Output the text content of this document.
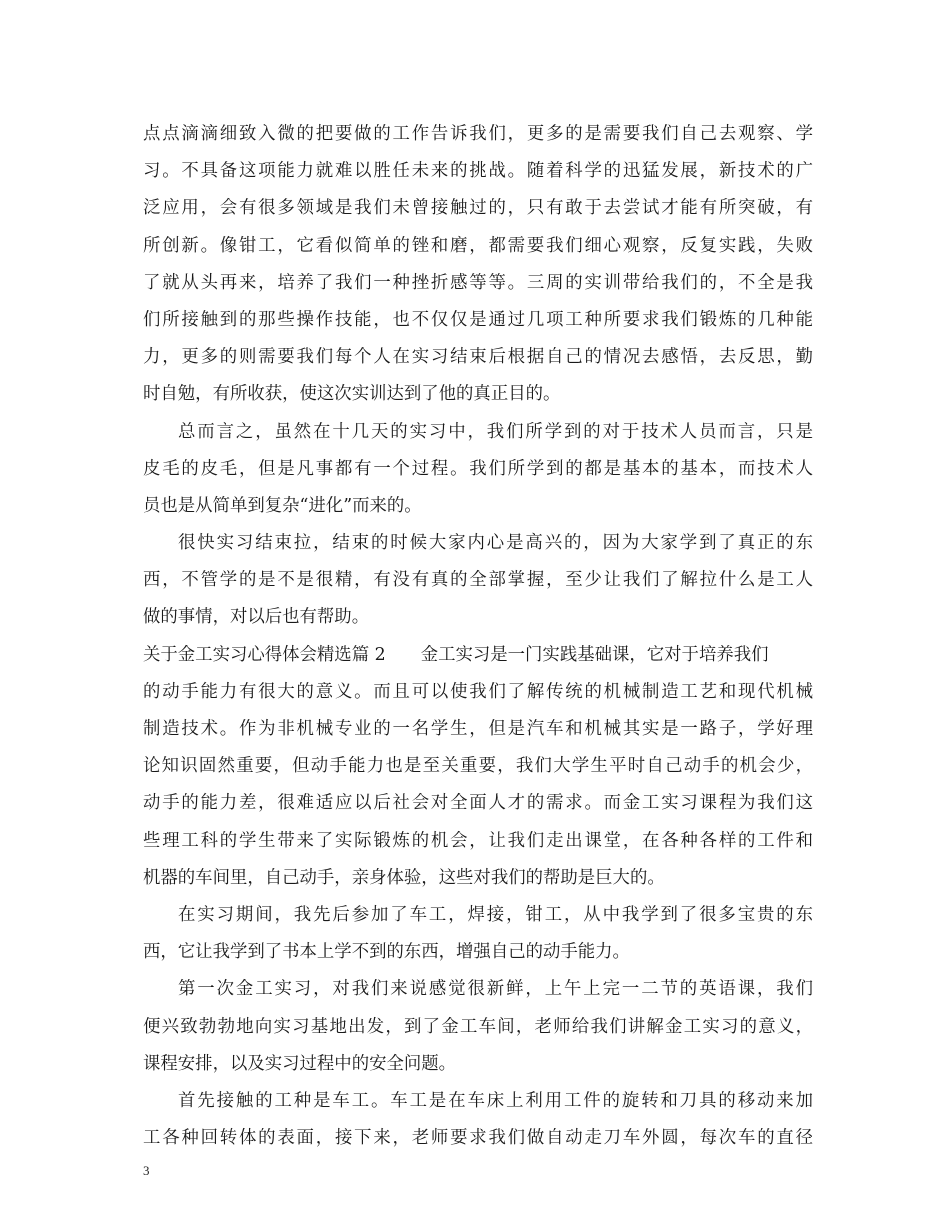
点点滴滴细致入微的把要做的工作告诉我们，更多的是需要我们自己去观察、学
习。不具备这项能力就难以胜任未来的挑战。随着科学的迅猛发展，新技术的广
泛应用，会有很多领域是我们未曾接触过的，只有敢于去尝试才能有所突破，有
所创新。像钳工，它看似简单的锉和磨，都需要我们细心观察，反复实践，失败
了就从头再来，培养了我们一种挫折感等等。三周的实训带给我们的，不全是我
们所接触到的那些操作技能，也不仅仅是通过几项工种所要求我们锻炼的几种能
力，更多的则需要我们每个人在实习结束后根据自己的情况去感悟，去反思，勤
时自勉，有所收获，使这次实训达到了他的真正目的。
总而言之，虽然在十几天的实习中，我们所学到的对于技术人员而言，只是
皮毛的皮毛，但是凡事都有一个过程。我们所学到的都是基本的基本，而技术人
员也是从简单到复杂“进化”而来的。
很快实习结束拉，结束的时候大家内心是高兴的，因为大家学到了真正的东
西，不管学的是不是很精，有没有真的全部掌握，至少让我们了解拉什么是工人
做的事情，对以后也有帮助。
关于金工实习心得体会精选篇 2 金工实习是一门实践基础课，它对于培养我们
的动手能力有很大的意义。而且可以使我们了解传统的机械制造工艺和现代机械
制造技术。作为非机械专业的一名学生，但是汽车和机械其实是一路子，学好理
论知识固然重要，但动手能力也是至关重要，我们大学生平时自己动手的机会少，
动手的能力差，很难适应以后社会对全面人才的需求。而金工实习课程为我们这
些理工科的学生带来了实际锻炼的机会，让我们走出课堂，在各种各样的工件和
机器的车间里，自己动手，亲身体验，这些对我们的帮助是巨大的。
在实习期间，我先后参加了车工，焊接，钳工，从中我学到了很多宝贵的东
西，它让我学到了书本上学不到的东西，增强自己的动手能力。
第一次金工实习，对我们来说感觉很新鲜，上午上完一二节的英语课，我们
便兴致勃勃地向实习基地出发，到了金工车间，老师给我们讲解金工实习的意义，
课程安排，以及实习过程中的安全问题。
首先接触的工种是车工。车工是在车床上利用工件的旋转和刀具的移动来加
工各种回转体的表面，接下来，老师要求我们做自动走刀车外圆，每次车的直径
3
